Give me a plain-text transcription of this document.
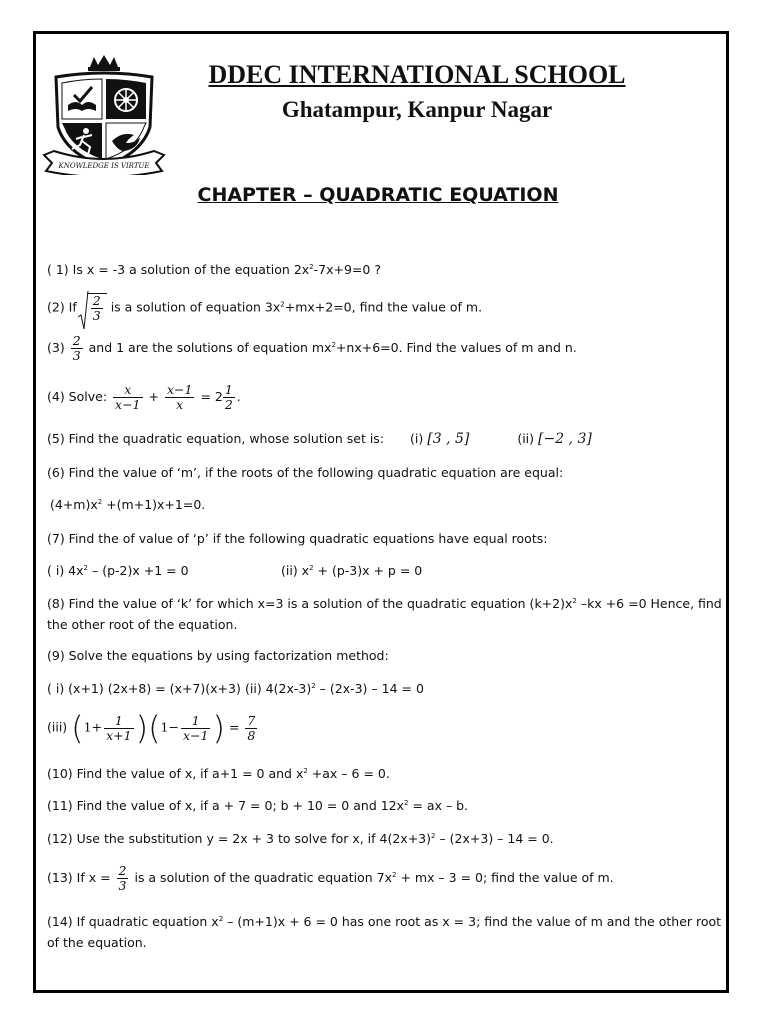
KNOWLEDGE IS VIRTUE
DDEC INTERNATIONAL SCHOOL
Ghatampur, Kanpur Nagar
CHAPTER – QUADRATIC EQUATION
( 1) Is x = -3 a solution of the equation $2x^2-7x+9=0$ ?
(2) If $\frac{2}{3}$ is a solution of equation $3x^2+mx+2=0$, find the value of m.
$(3) \frac{2}{3}$ and 1 are the solutions of equation $mx^2+nx+6=0$. Find the values of m and n.
(4) Solve: $\frac{x}{x-1} + \frac{x-1}{x} = 2 \frac{1}{2}$ .
(5) Find the quadratic equation, whose solution set is: (i) [3 , 5]	(ii) [−2 , 3]
(6) Find the value of ‘m’, if the roots of the following quadratic equation are equal:
$(4+m)x^2 +(m+1)x+1=0$.
(7) Find the of value of ‘p’ if the following quadratic equations have equal roots:
( i) $4x^2 - (p-2)x +1 = 0$	(ii) $x^2 + (p-3)x + p = 0$
(8) Find the value of ‘k’ for which x=3 is a solution of the quadratic equation $(k+2)x^2$ –kx +6 =0 Hence, find the other root of the equation.
(9) Solve the equations by using factorization method:
( i) (x+1) (2x+8) = (x+7)(x+3) (ii) $4(2x-3)^2 - (2x-3) - 14 = 0$
(iii) $(1+ \frac{1}{x+1} )(1- \frac{1}{x-1}$ ) = $\frac{7}{8}$
(10) Find the value of x, if a+1 = 0 and $x^2 +ax - 6 = 0$.
(11) Find the value of x, if a + 7 = 0; b + 10 = 0 and $12x^2$ = ax – b.
(12) Use the substitution y = 2x + 3 to solve for x, if $4(2x+3)^2 - (2x+3) - 14 = 0$.
(13) If $x = \frac{2}{3}$ is a solution of the quadratic equation $7x^2$ + mx – 3 = 0; find the value of m.
(14) If quadratic equation $x^2 - (m+1)x + 6 = 0$ has one root as x = 3; find the value of m and the other root of the equation.
